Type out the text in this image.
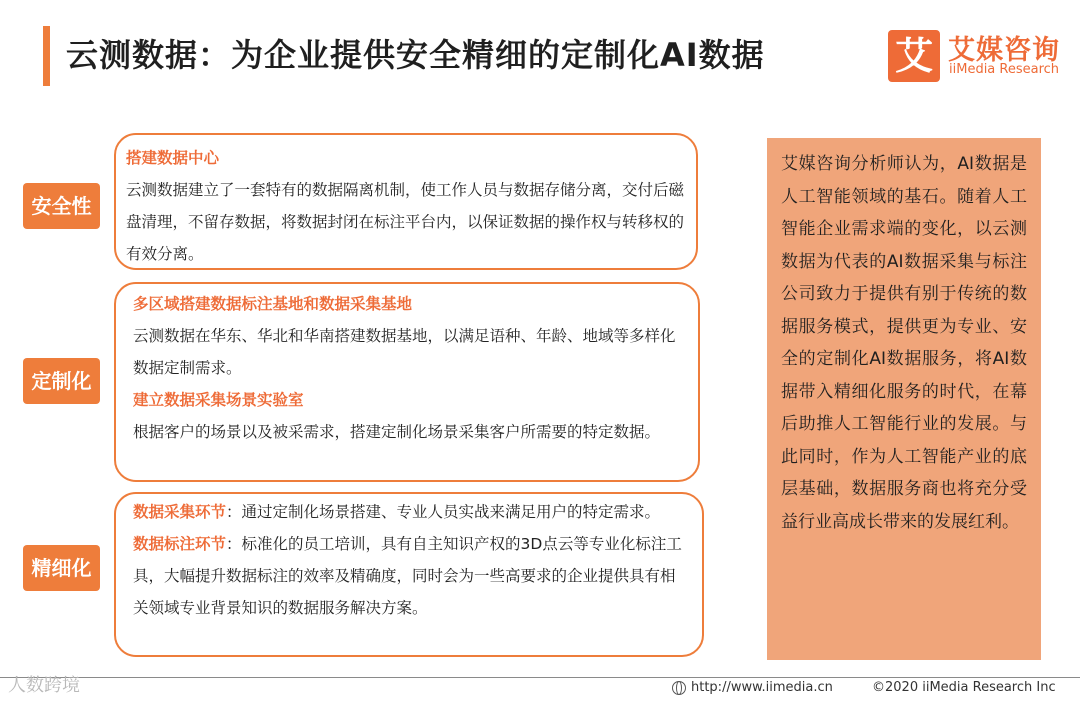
云测数据：为企业提供安全精细的定制化AI数据	艾 艾媒咨询
iiMedia Research
安全性

搭建数据中心

云测数据建立了一套特有的数据隔离机制，使工作人员与数据存储分离，交付后磁盘清理，不留存数据，将数据封闭在标注平台内，以保证数据的操作权与转移权的有效分离。

定制化

多区域搭建数据标注基地和数据采集基地

云测数据在华东、华北和华南搭建数据基地，以满足语种、年龄、地域等多样化数据定制需求。

建立数据采集场景实验室

根据客户的场景以及被采需求，搭建定制化场景采集客户所需要的特定数据。

精细化

数据采集环节：通过定制化场景搭建、专业人员实战来满足用户的特定需求。

数据标注环节：标准化的员工培训，具有自主知识产权的3D点云等专业化标注工具，大幅提升数据标注的效率及精确度，同时会为一些高要求的企业提供具有相关领域专业背景知识的数据服务解决方案。

艾媒咨询分析师认为，AI数据是人工智能领域的基石。随着人工智能企业需求端的变化，以云测数据为代表的AI数据采集与标注公司致力于提供有别于传统的数据服务模式，提供更为专业、安全的定制化AI数据服务，将AI数据带入精细化服务的时代，在幕后助推人工智能行业的发展。与此同时，作为人工智能产业的底层基础，数据服务商也将充分受益行业高成长带来的发展红利。

人数跨境	http://www.iimedia.cn	©2020 iiMedia Research Inc
